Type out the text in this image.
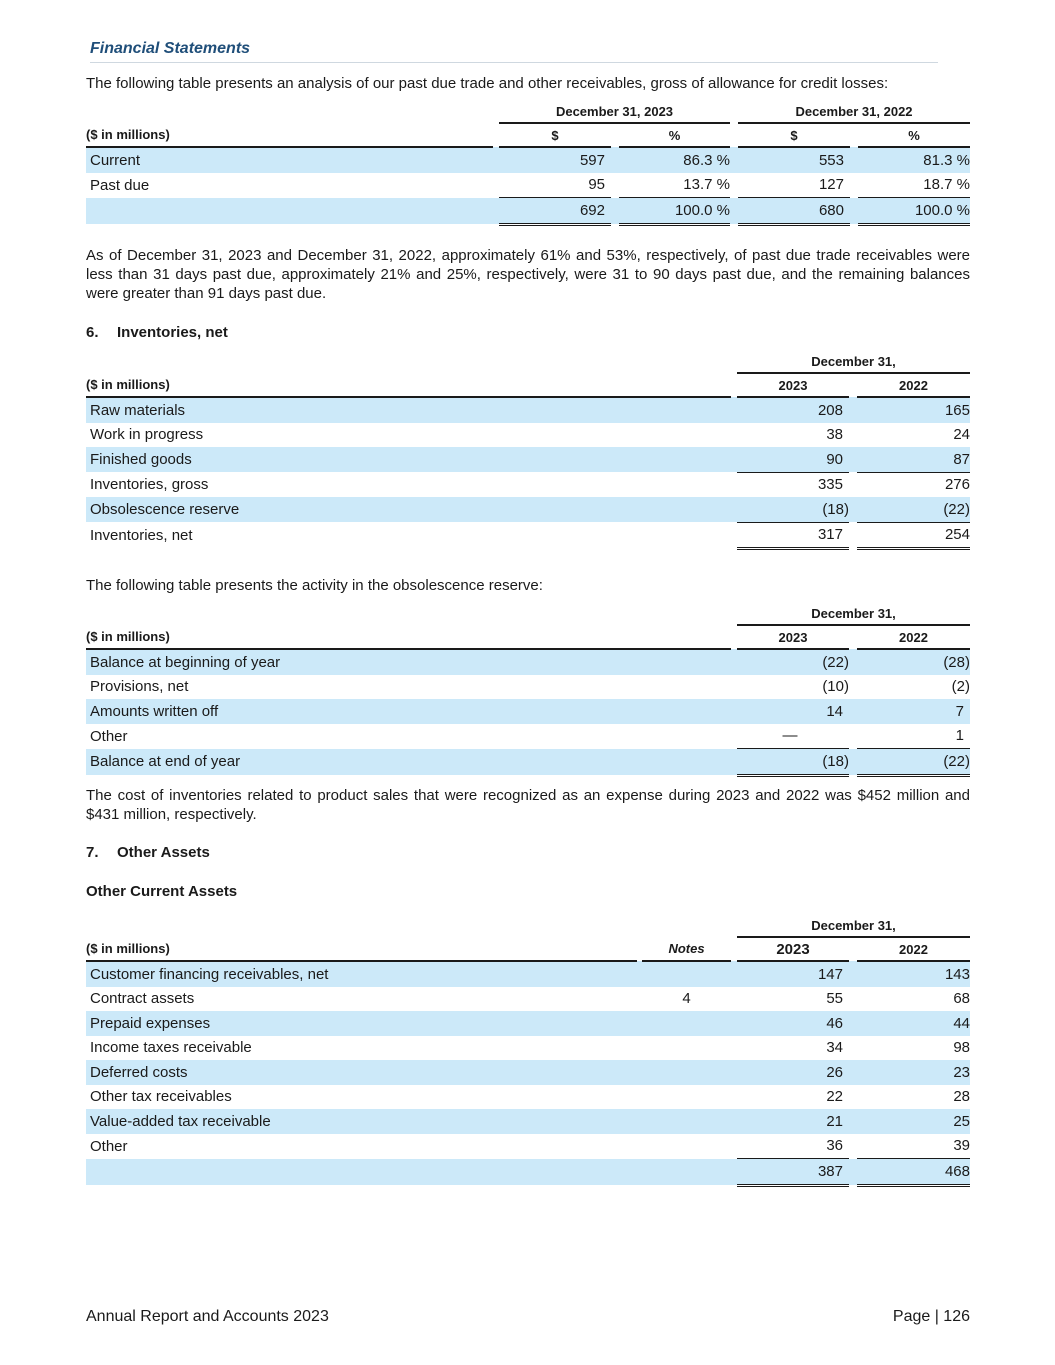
Financial Statements
The following table presents an analysis of our past due trade and other receivables, gross of allowance for credit losses:
		December 31, 2023				December 31, 2022		
($ in millions)		$		%		$		%
Current		597		86.3 %		553		81.3 %
Past due		95		13.7 %		127		18.7 %
		692		100.0 %		680		100.0 %
As of December 31, 2023 and December 31, 2022, approximately 61% and 53%, respectively, of past due trade receivables were less than 31 days past due, approximately 21% and 25%, respectively, were 31 to 90 days past due, and the remaining balances were greater than 91 days past due.
6. Inventories, net
		December 31,		
($ in millions)		2023		2022
Raw materials		208		165
Work in progress		38		24
Finished goods		90		87
Inventories, gross		335		276
Obsolescence reserve		(18)		(22)
Inventories, net		317		254
The following table presents the activity in the obsolescence reserve:
		December 31,		
($ in millions)		2023		2022
Balance at beginning of year		(22)		(28)
Provisions, net		(10)		(2)
Amounts written off		14		7
Other		—		1
Balance at end of year		(18)		(22)
The cost of inventories related to product sales that were recognized as an expense during 2023 and 2022 was $452 million and $431 million, respectively.
7. Other Assets
Other Current Assets
				December 31,		
($ in millions)		Notes		2023		2022
Customer financing receivables, net				147		143
Contract assets		4		55		68
Prepaid expenses				46		44
Income taxes receivable				34		98
Deferred costs				26		23
Other tax receivables				22		28
Value-added tax receivable				21		25
Other				36		39
				387		468
Annual Report and Accounts 2023	Page | 126
